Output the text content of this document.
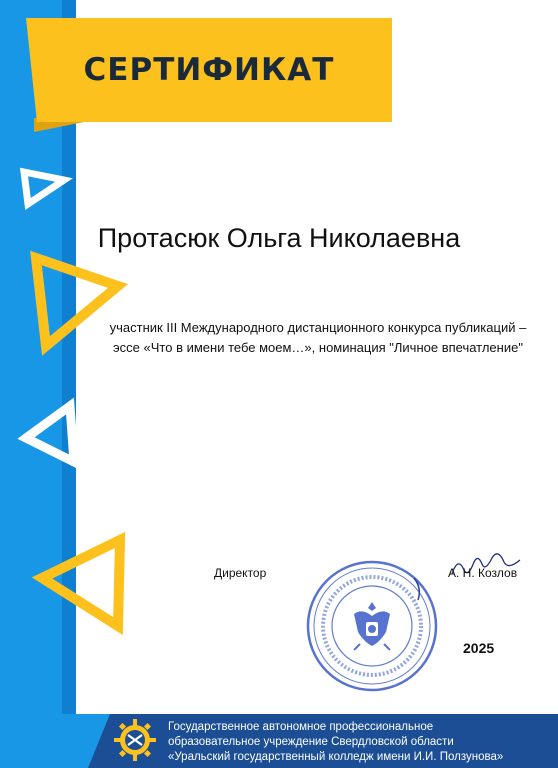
СЕРТИФИКАТ
Протасюк Ольга Николаевна
участник III Международного дистанционного конкурса публикаций –
эссе «Что в имени тебе моем…», номинация "Личное впечатление"
Директор	А. Н. Козлов
2025
Государственное автономное профессиональное
образовательное учреждение Свердловской области
«Уральский государственный колледж имени И.И. Ползунова»
